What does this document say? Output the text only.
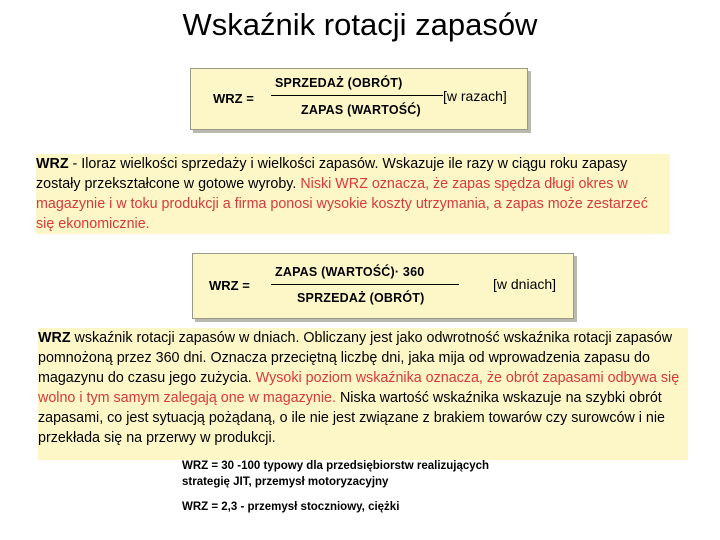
Wskaźnik rotacji zapasów
WRZ =
SPRZEDAŻ (OBRÓT)
ZAPAS (WARTOŚĆ)
[w razach]
WRZ - Iloraz wielkości sprzedaży i wielkości zapasów. Wskazuje ile razy w ciągu roku zapasy zostały przekształcone w gotowe wyroby. Niski WRZ oznacza, że zapas spędza długi okres w magazynie i w toku produkcji a firma ponosi wysokie koszty utrzymania, a zapas może zestarzeć się ekonomicznie.
WRZ =
ZAPAS (WARTOŚĆ)· 360
SPRZEDAŻ (OBRÓT)
[w dniach]
WRZ wskaźnik rotacji zapasów w dniach. Obliczany jest jako odwrotność wskaźnika rotacji zapasów pomnożoną przez 360 dni. Oznacza przeciętną liczbę dni, jaka mija od wprowadzenia zapasu do magazynu do czasu jego zużycia. Wysoki poziom wskaźnika oznacza, że obrót zapasami odbywa się wolno i tym samym zalegają one w magazynie. Niska wartość wskaźnika wskazuje na szybki obrót zapasami, co jest sytuacją pożądaną, o ile nie jest związane z brakiem towarów czy surowców i nie przekłada się na przerwy w produkcji.
WRZ = 30 -100 typowy dla przedsiębiorstw realizujących
strategię JIT, przemysł motoryzacyjny
WRZ = 2,3 - przemysł stoczniowy, ciężki
